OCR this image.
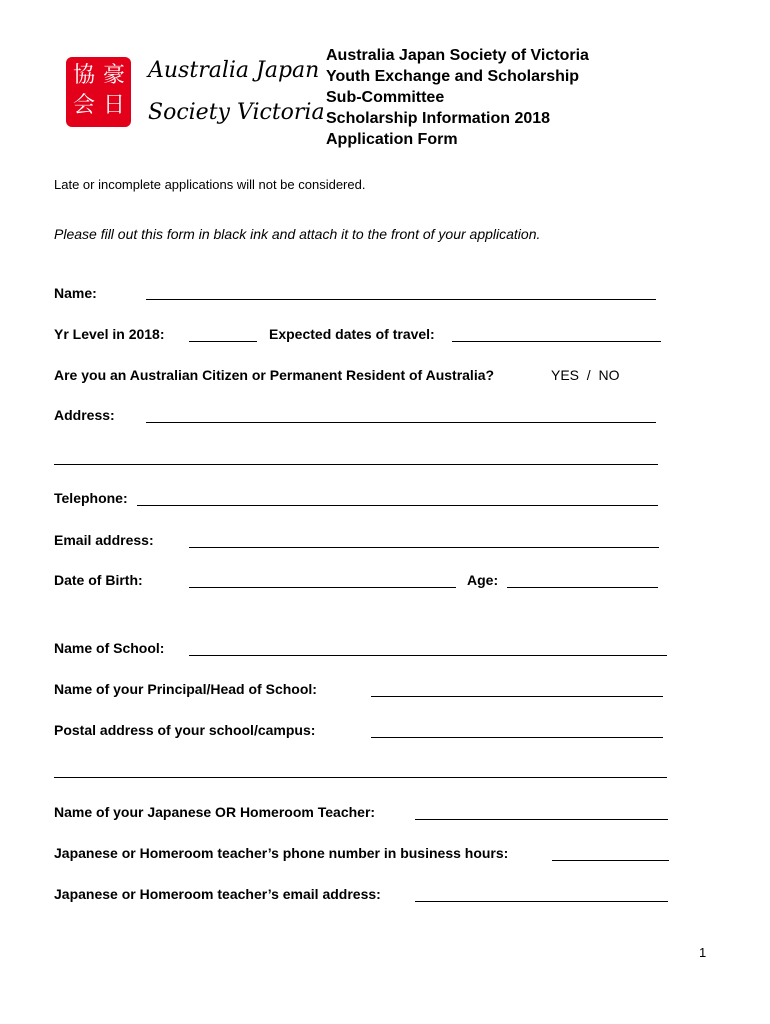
協 豪
会 日
Australia Japan
Society Victoria
Australia Japan Society of Victoria
Youth Exchange and Scholarship
Sub-Committee
Scholarship Information 2018
Application Form
Late or incomplete applications will not be considered.
Please fill out this form in black ink and attach it to the front of your application.
Name:
Yr Level in 2018:	Expected dates of travel:
Are you an Australian Citizen or Permanent Resident of Australia?	YES  /  NO
Address:
Telephone:
Email address:
Date of Birth:	Age:
Name of School:
Name of your Principal/Head of School:
Postal address of your school/campus:
Name of your Japanese OR Homeroom Teacher:
Japanese or Homeroom teacher’s phone number in business hours:
Japanese or Homeroom teacher’s email address:
1
